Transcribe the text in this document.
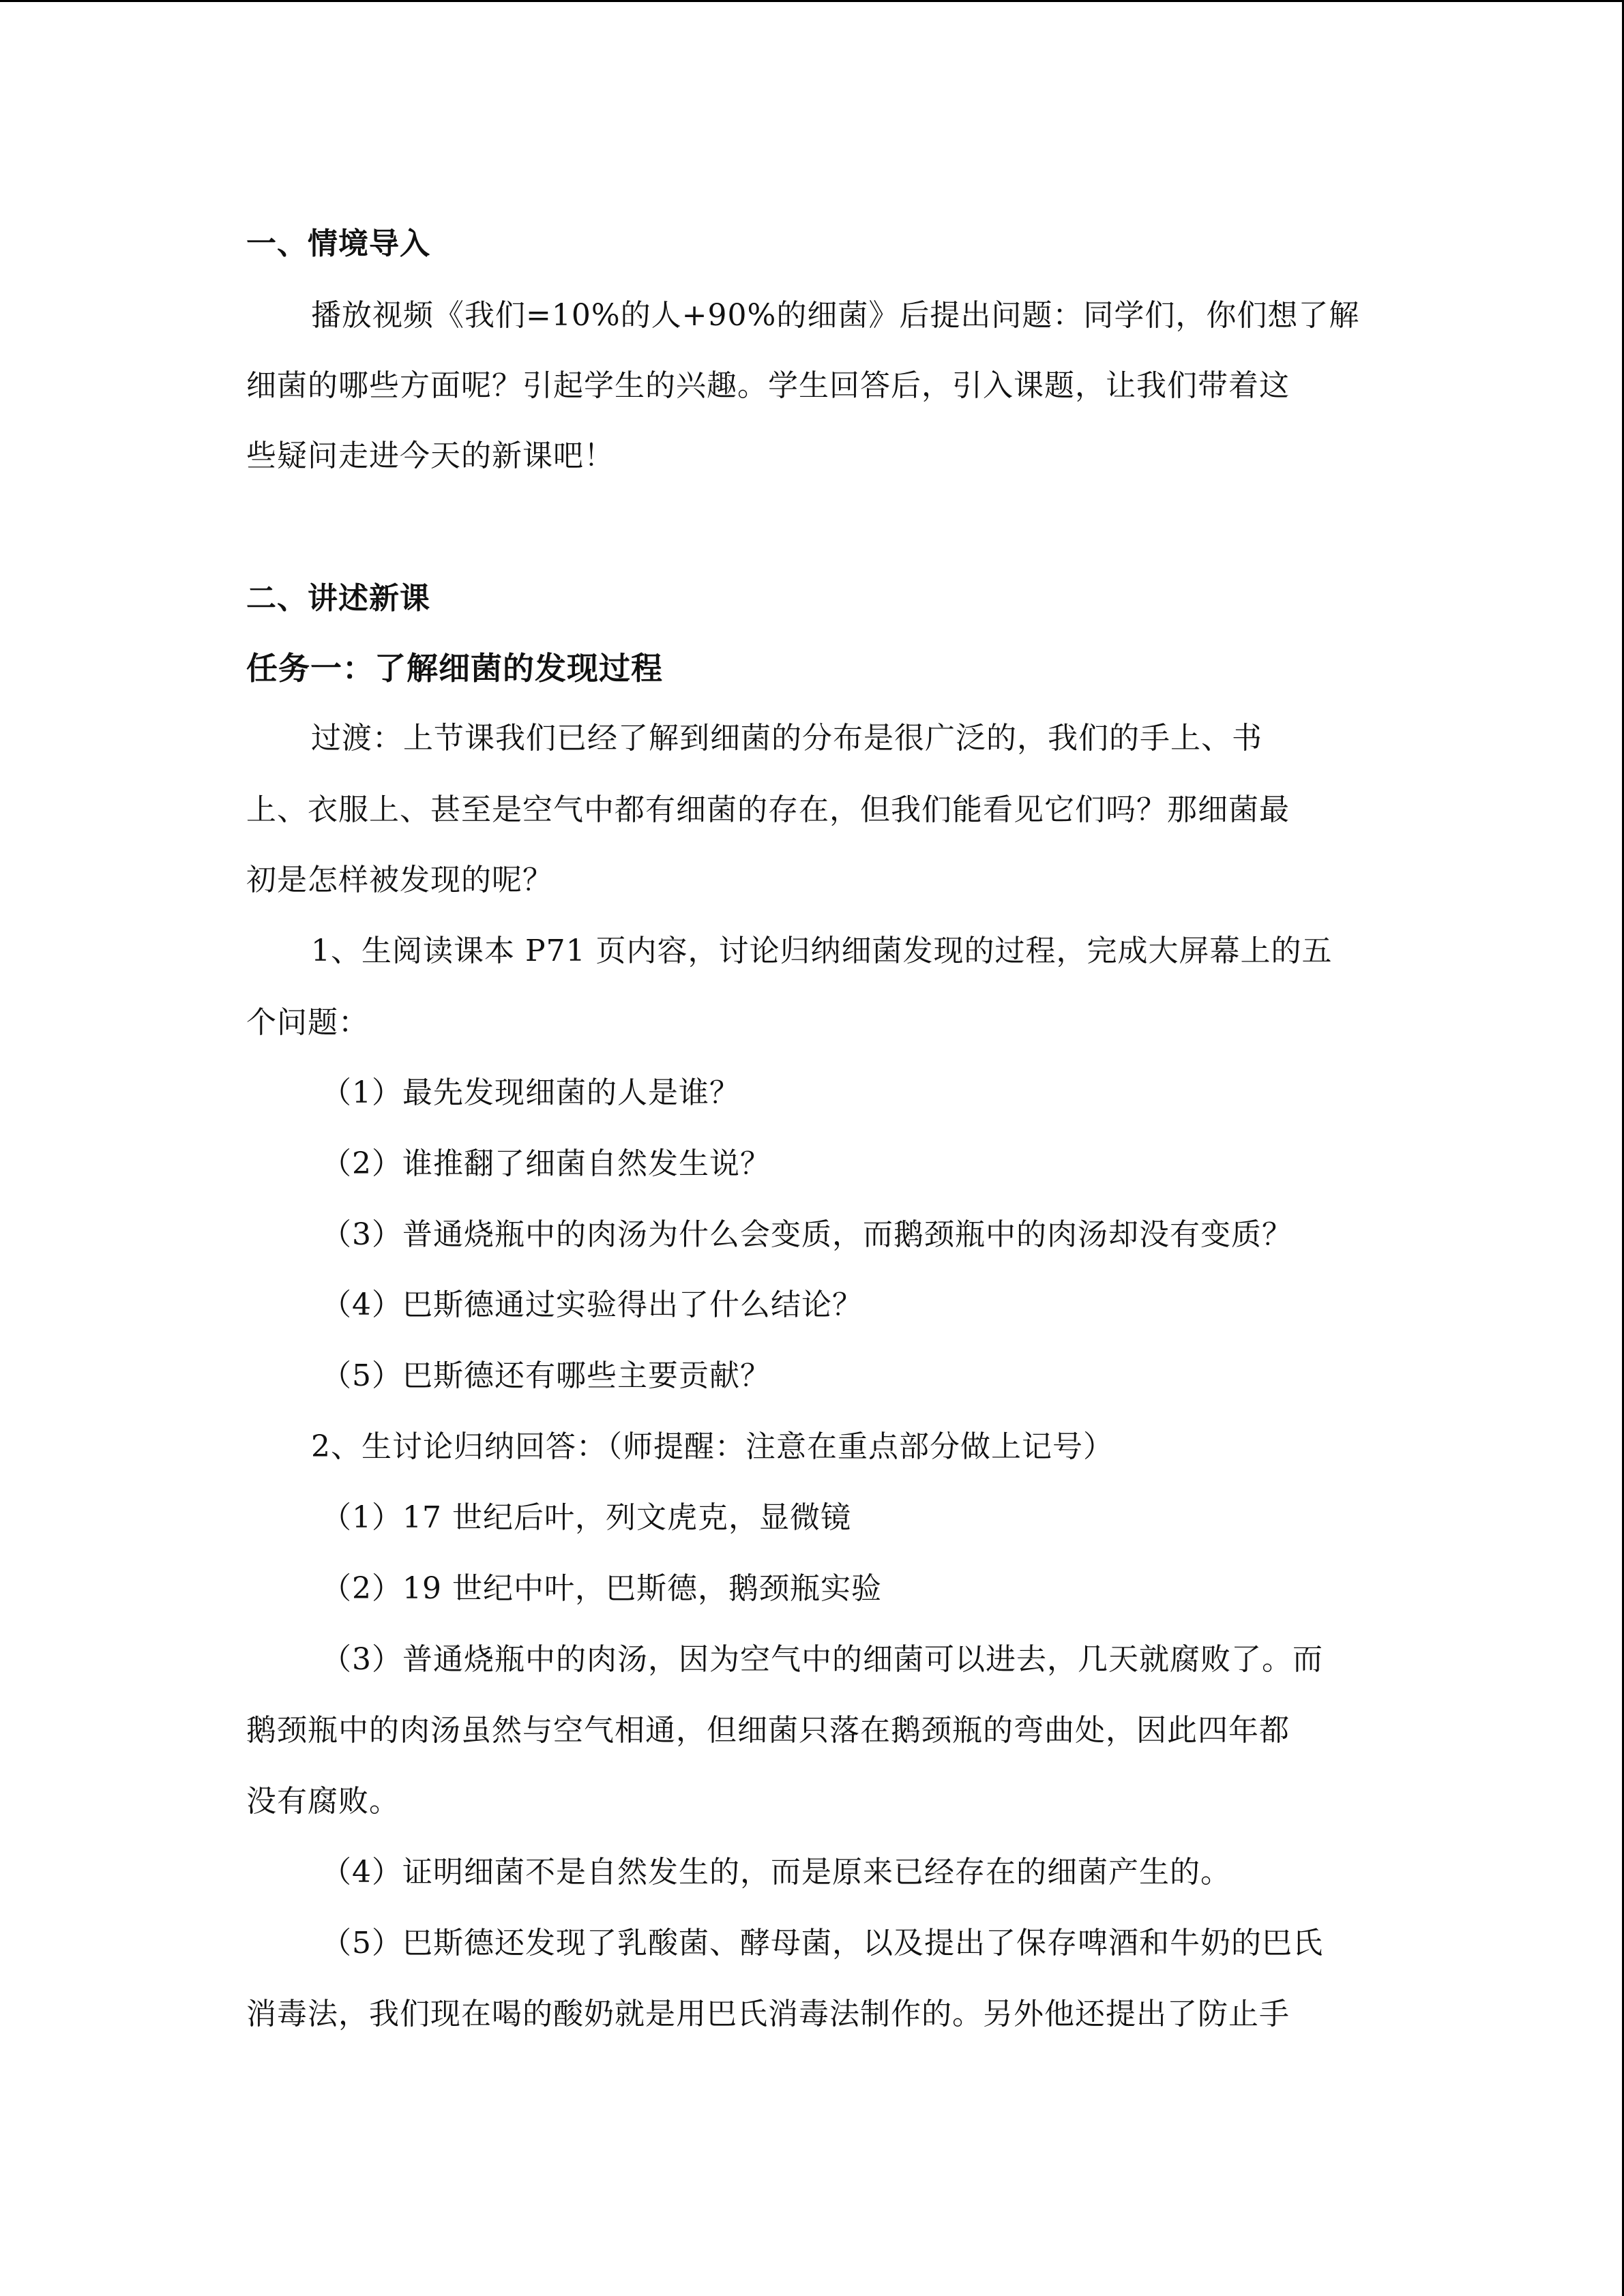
一、情境导入
播放视频《我们=10%的人+90%的细菌》后提出问题：同学们，你们想了解
细菌的哪些方面呢？引起学生的兴趣。学生回答后，引入课题，让我们带着这
些疑问走进今天的新课吧！
二、讲述新课
任务一：了解细菌的发现过程
过渡：上节课我们已经了解到细菌的分布是很广泛的，我们的手上、书
上、衣服上、甚至是空气中都有细菌的存在，但我们能看见它们吗？那细菌最
初是怎样被发现的呢？
1、生阅读课本 P71 页内容，讨论归纳细菌发现的过程，完成大屏幕上的五
个问题：
（1）最先发现细菌的人是谁？
（2）谁推翻了细菌自然发生说？
（3）普通烧瓶中的肉汤为什么会变质，而鹅颈瓶中的肉汤却没有变质？
（4）巴斯德通过实验得出了什么结论？
（5）巴斯德还有哪些主要贡献？
2、生讨论归纳回答：（师提醒：注意在重点部分做上记号）
（1）17 世纪后叶，列文虎克，显微镜
（2）19 世纪中叶，巴斯德，鹅颈瓶实验
（3）普通烧瓶中的肉汤，因为空气中的细菌可以进去，几天就腐败了。而
鹅颈瓶中的肉汤虽然与空气相通，但细菌只落在鹅颈瓶的弯曲处，因此四年都
没有腐败。
（4）证明细菌不是自然发生的，而是原来已经存在的细菌产生的。
（5）巴斯德还发现了乳酸菌、酵母菌，以及提出了保存啤酒和牛奶的巴氏
消毒法，我们现在喝的酸奶就是用巴氏消毒法制作的。另外他还提出了防止手
